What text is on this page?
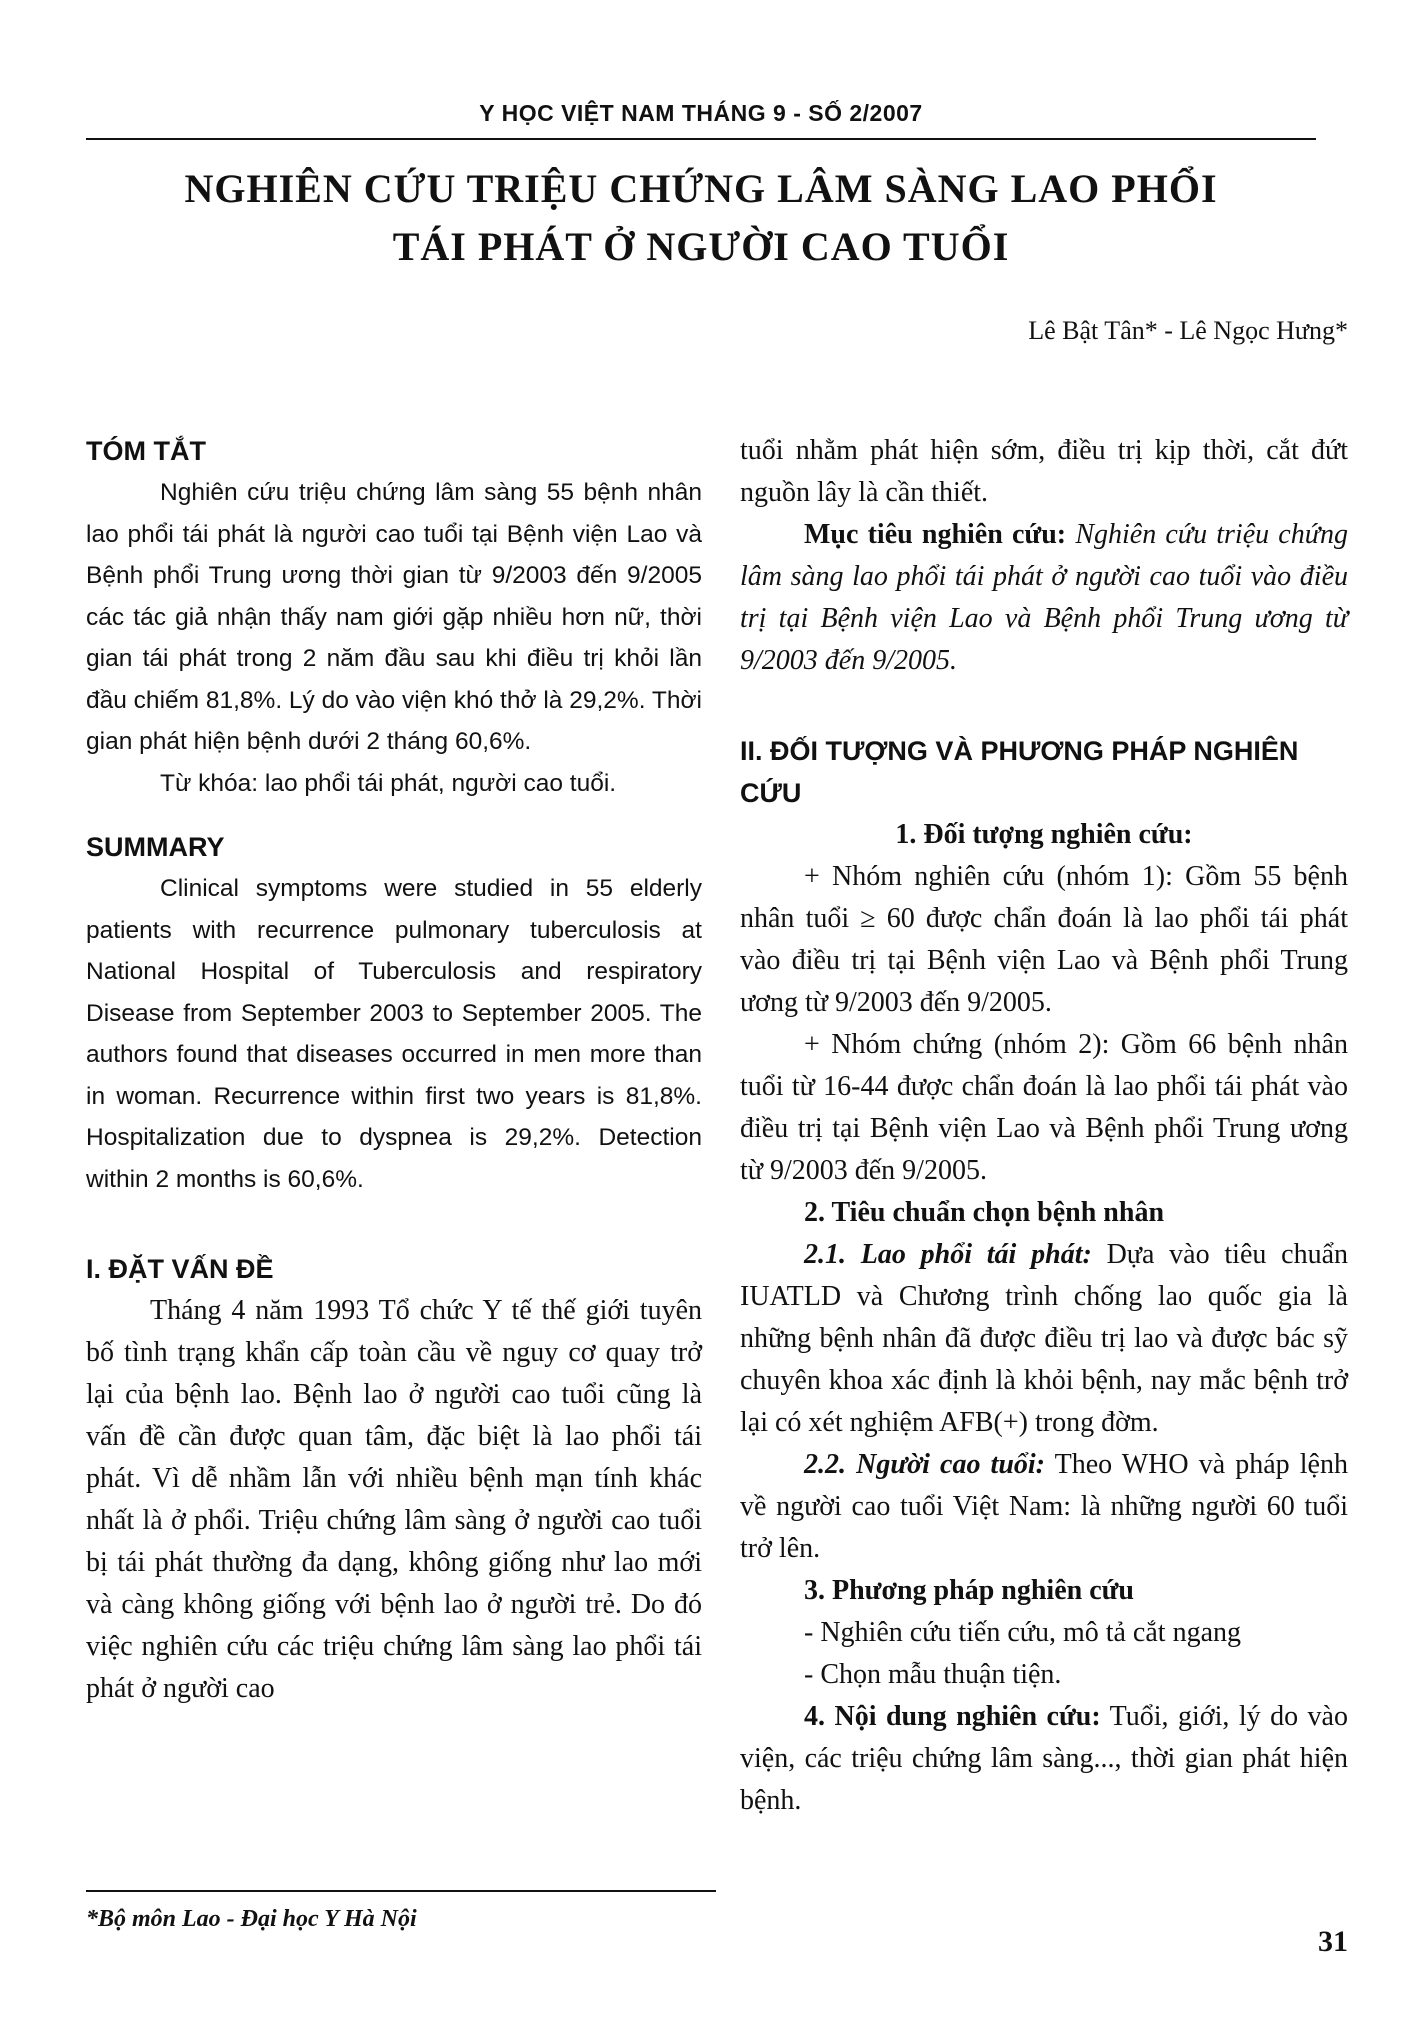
Y HỌC VIỆT NAM THÁNG 9 - SỐ 2/2007
NGHIÊN CỨU TRIỆU CHỨNG LÂM SÀNG LAO PHỔI
TÁI PHÁT Ở NGƯỜI CAO TUỔI
Lê Bật Tân* - Lê Ngọc Hưng*
TÓM TẮT

Nghiên cứu triệu chứng lâm sàng 55 bệnh nhân lao phổi tái phát là người cao tuổi tại Bệnh viện Lao và Bệnh phổi Trung ương thời gian từ 9/2003 đến 9/2005 các tác giả nhận thấy nam giới gặp nhiều hơn nữ, thời gian tái phát trong 2 năm đầu sau khi điều trị khỏi lần đầu chiếm 81,8%. Lý do vào viện khó thở là 29,2%. Thời gian phát hiện bệnh dưới 2 tháng 60,6%.

Từ khóa: lao phổi tái phát, người cao tuổi.

SUMMARY

Clinical symptoms were studied in 55 elderly patients with recurrence pulmonary tuberculosis at National Hospital of Tuberculosis and respiratory Disease from September 2003 to September 2005. The authors found that diseases occurred in men more than in woman. Recurrence within first two years is 81,8%. Hospitalization due to dyspnea is 29,2%. Detection within 2 months is 60,6%.

I. ĐẶT VẤN ĐỀ

Tháng 4 năm 1993 Tổ chức Y tế thế giới tuyên bố tình trạng khẩn cấp toàn cầu về nguy cơ quay trở lại của bệnh lao. Bệnh lao ở người cao tuổi cũng là vấn đề cần được quan tâm, đặc biệt là lao phổi tái phát. Vì dễ nhầm lẫn với nhiều bệnh mạn tính khác nhất là ở phổi. Triệu chứng lâm sàng ở người cao tuổi bị tái phát thường đa dạng, không giống như lao mới và càng không giống với bệnh lao ở người trẻ. Do đó việc nghiên cứu các triệu chứng lâm sàng lao phổi tái phát ở người cao

tuổi nhằm phát hiện sớm, điều trị kịp thời, cắt đứt nguồn lây là cần thiết.

Mục tiêu nghiên cứu: Nghiên cứu triệu chứng lâm sàng lao phổi tái phát ở người cao tuổi vào điều trị tại Bệnh viện Lao và Bệnh phổi Trung ương từ 9/2003 đến 9/2005.

II. ĐỐI TƯỢNG VÀ PHƯƠNG PHÁP NGHIÊN CỨU

1. Đối tượng nghiên cứu:

+ Nhóm nghiên cứu (nhóm 1): Gồm 55 bệnh nhân tuổi ≥ 60 được chẩn đoán là lao phổi tái phát vào điều trị tại Bệnh viện Lao và Bệnh phổi Trung ương từ 9/2003 đến 9/2005.

+ Nhóm chứng (nhóm 2): Gồm 66 bệnh nhân tuổi từ 16-44 được chẩn đoán là lao phổi tái phát vào điều trị tại Bệnh viện Lao và Bệnh phổi Trung ương từ 9/2003 đến 9/2005.

2. Tiêu chuẩn chọn bệnh nhân

2.1. Lao phổi tái phát: Dựa vào tiêu chuẩn IUATLD và Chương trình chống lao quốc gia là những bệnh nhân đã được điều trị lao và được bác sỹ chuyên khoa xác định là khỏi bệnh, nay mắc bệnh trở lại có xét nghiệm AFB(+) trong đờm.

2.2. Người cao tuổi: Theo WHO và pháp lệnh về người cao tuổi Việt Nam: là những người 60 tuổi trở lên.

3. Phương pháp nghiên cứu

- Nghiên cứu tiến cứu, mô tả cắt ngang

- Chọn mẫu thuận tiện.

4. Nội dung nghiên cứu: Tuổi, giới, lý do vào viện, các triệu chứng lâm sàng..., thời gian phát hiện bệnh.

*Bộ môn Lao - Đại học Y Hà Nội
31
